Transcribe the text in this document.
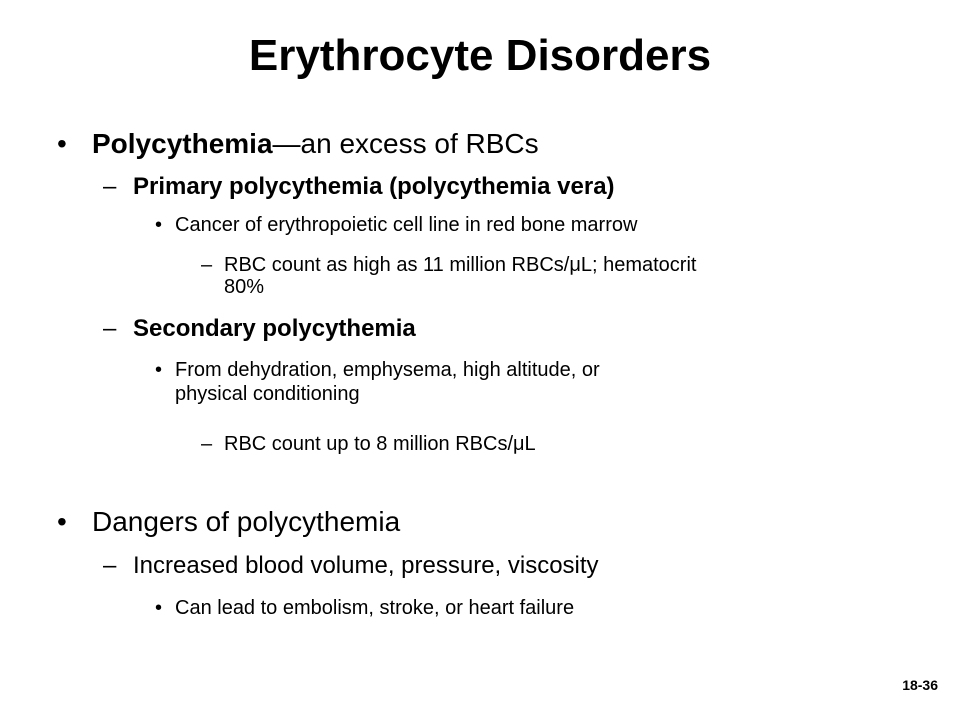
Erythrocyte Disorders
• Polycythemia—an excess of RBCs
– Primary polycythemia (polycythemia vera)
• Cancer of erythropoietic cell line in red bone marrow
– RBC count as high as 11 million RBCs/μL; hematocrit
80%
– Secondary polycythemia
• From dehydration, emphysema, high altitude, or
physical conditioning
– RBC count up to 8 million RBCs/μL
• Dangers of polycythemia
– Increased blood volume, pressure, viscosity
• Can lead to embolism, stroke, or heart failure
18-36
